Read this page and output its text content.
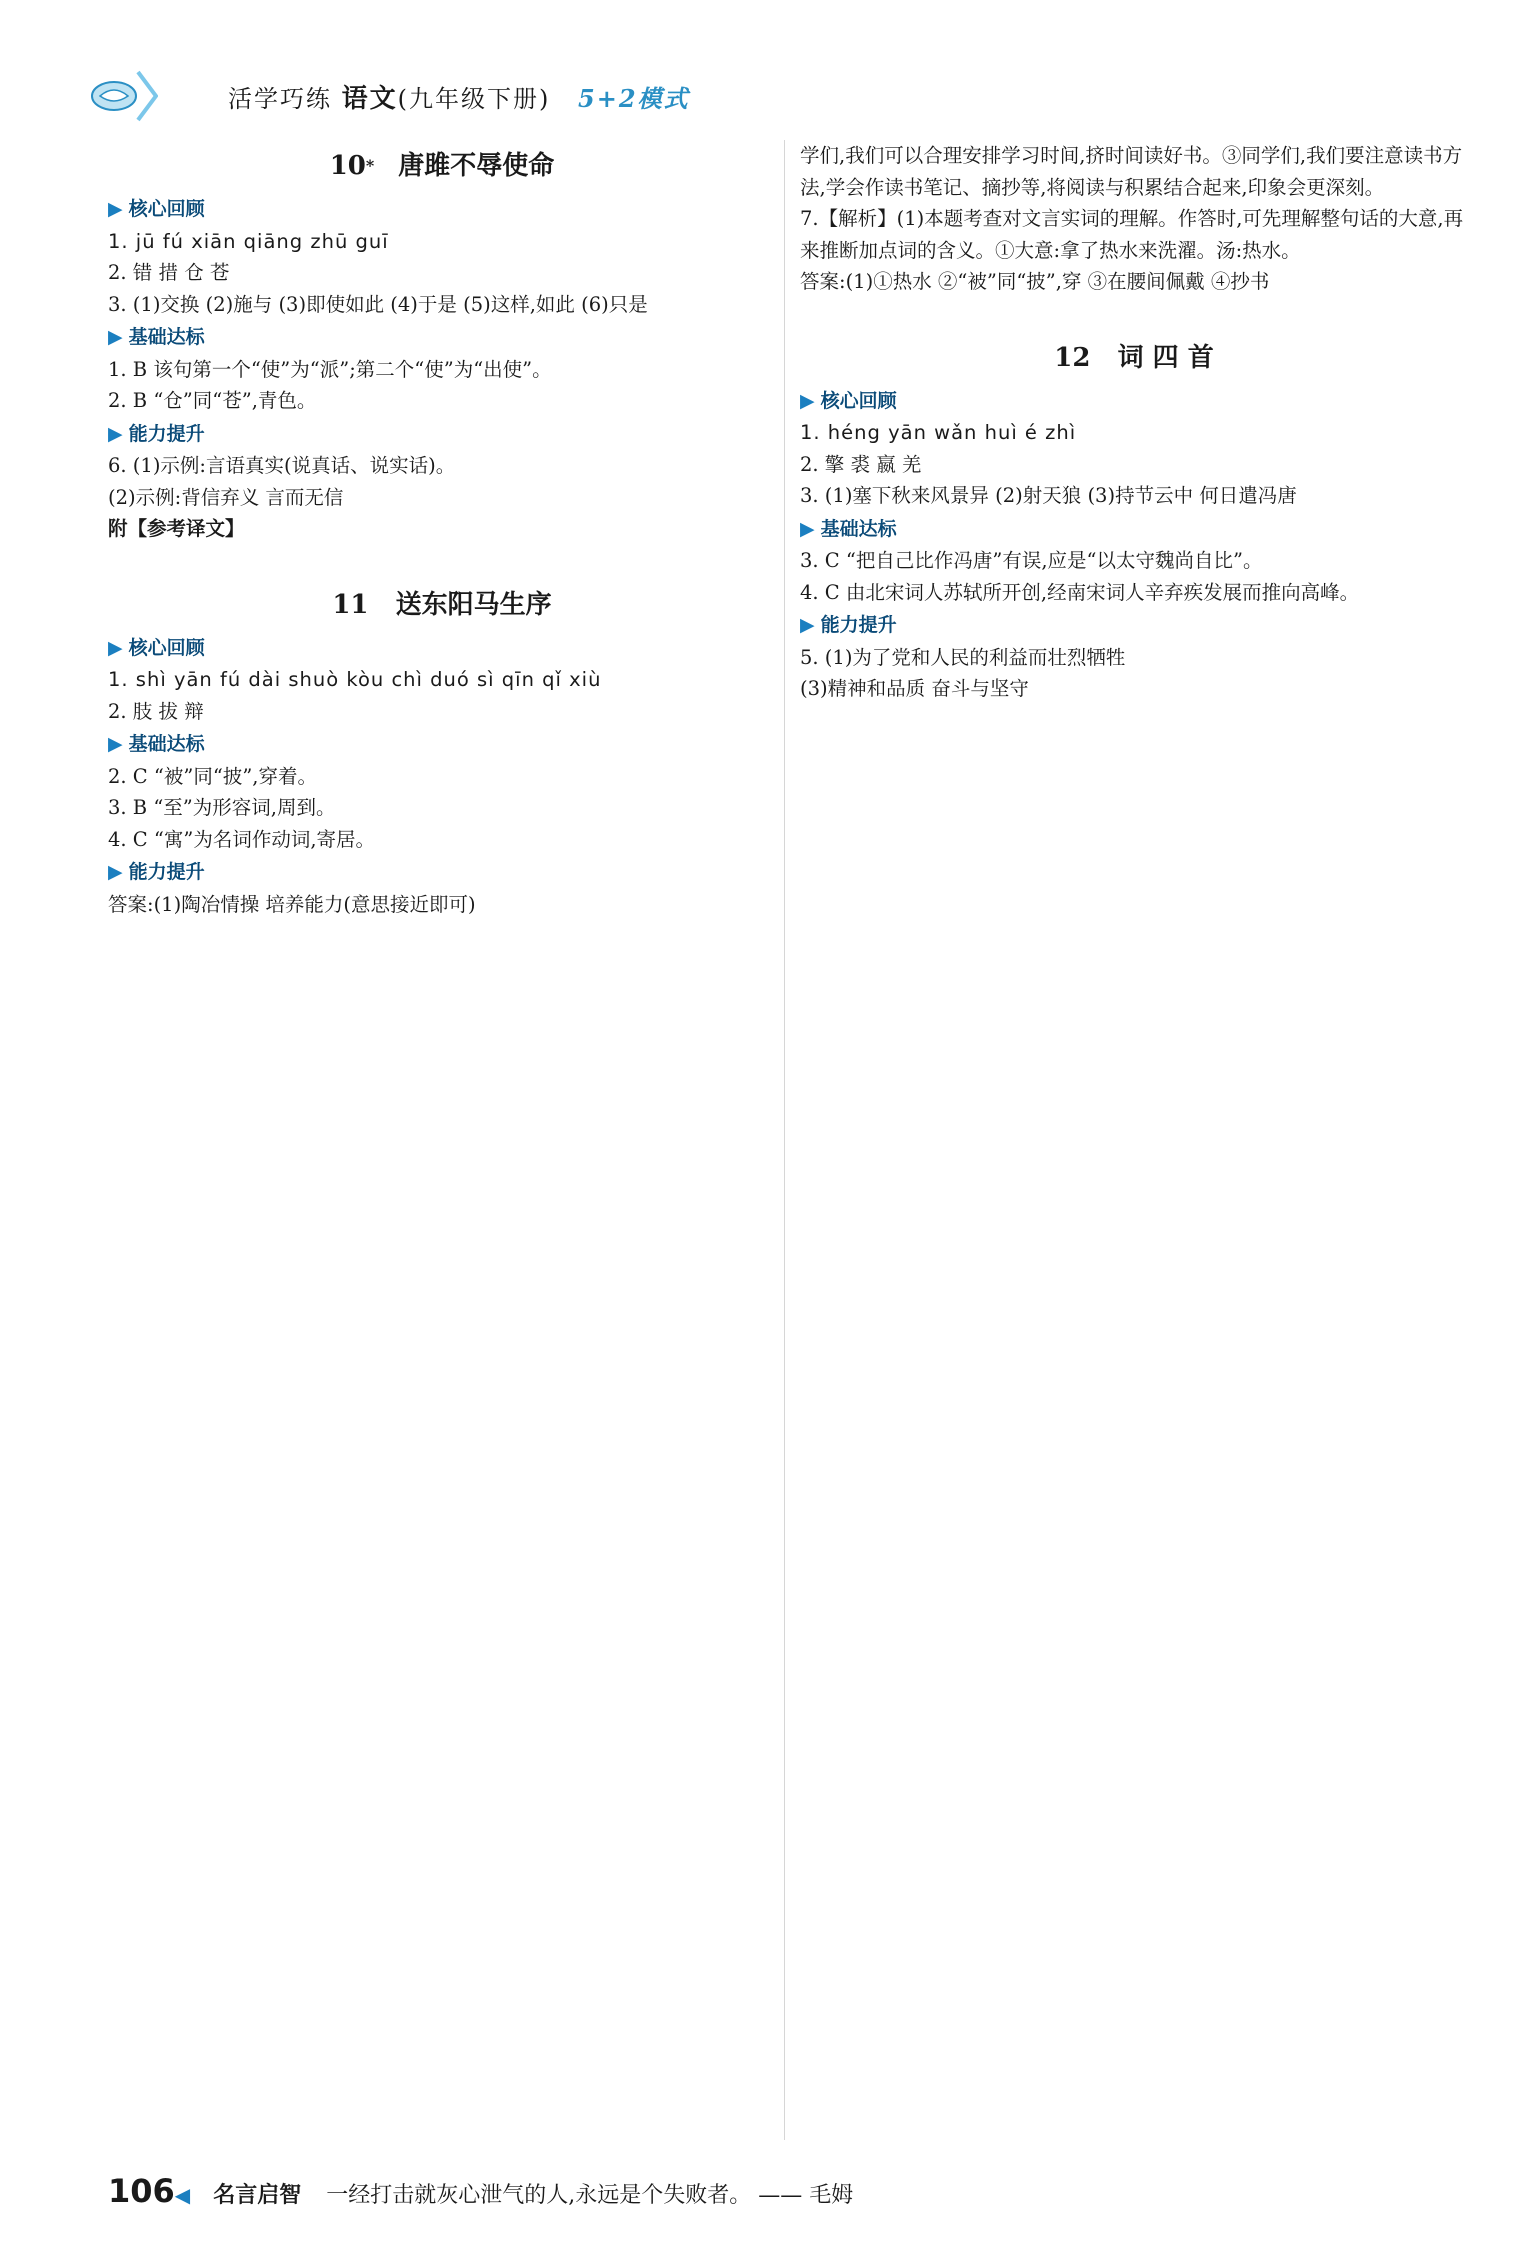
活学巧练 语文(九年级下册) 5+2模式
10* 唐雎不辱使命
▶ 核心回顾

1. jū fú xiān qiāng zhū guī

2. 错 措 仓 苍

3. (1)交换 (2)施与 (3)即使如此 (4)于是 (5)这样,如此 (6)只是

▶ 基础达标

1. B 该句第一个“使”为“派”;第二个“使”为“出使”。

2. B “仓”同“苍”,青色。

▶ 能力提升

6. (1)示例:言语真实(说真话、说实话)。

(2)示例:背信弃义 言而无信

附【参考译文】

11 送东阳马生序
▶ 核心回顾

1. shì yān fú dài shuò kòu chì duó sì qīn qǐ xiù

2. 肢 拔 辩

▶ 基础达标

2. C “被”同“披”,穿着。

3. B “至”为形容词,周到。

4. C “寓”为名词作动词,寄居。

▶ 能力提升

答案:(1)陶冶情操 培养能力(意思接近即可)

学们,我们可以合理安排学习时间,挤时间读好书。③同学们,我们要注意读书方法,学会作读书笔记、摘抄等,将阅读与积累结合起来,印象会更深刻。

7.【解析】(1)本题考查对文言实词的理解。作答时,可先理解整句话的大意,再来推断加点词的含义。①大意:拿了热水来洗濯。汤:热水。

答案:(1)①热水 ②“被”同“披”,穿 ③在腰间佩戴 ④抄书

12 词 四 首
▶ 核心回顾

1. héng yān wǎn huì é zhì

2. 擎 裘 嬴 羌

3. (1)塞下秋来风景异 (2)射天狼 (3)持节云中 何日遣冯唐

▶ 基础达标

3. C “把自己比作冯唐”有误,应是“以太守魏尚自比”。

4. C 由北宋词人苏轼所开创,经南宋词人辛弃疾发展而推向高峰。

▶ 能力提升

5. (1)为了党和人民的利益而壮烈牺牲

(3)精神和品质 奋斗与坚守

106◀ 名言启智 一经打击就灰心泄气的人,永远是个失败者。 —— 毛姆
